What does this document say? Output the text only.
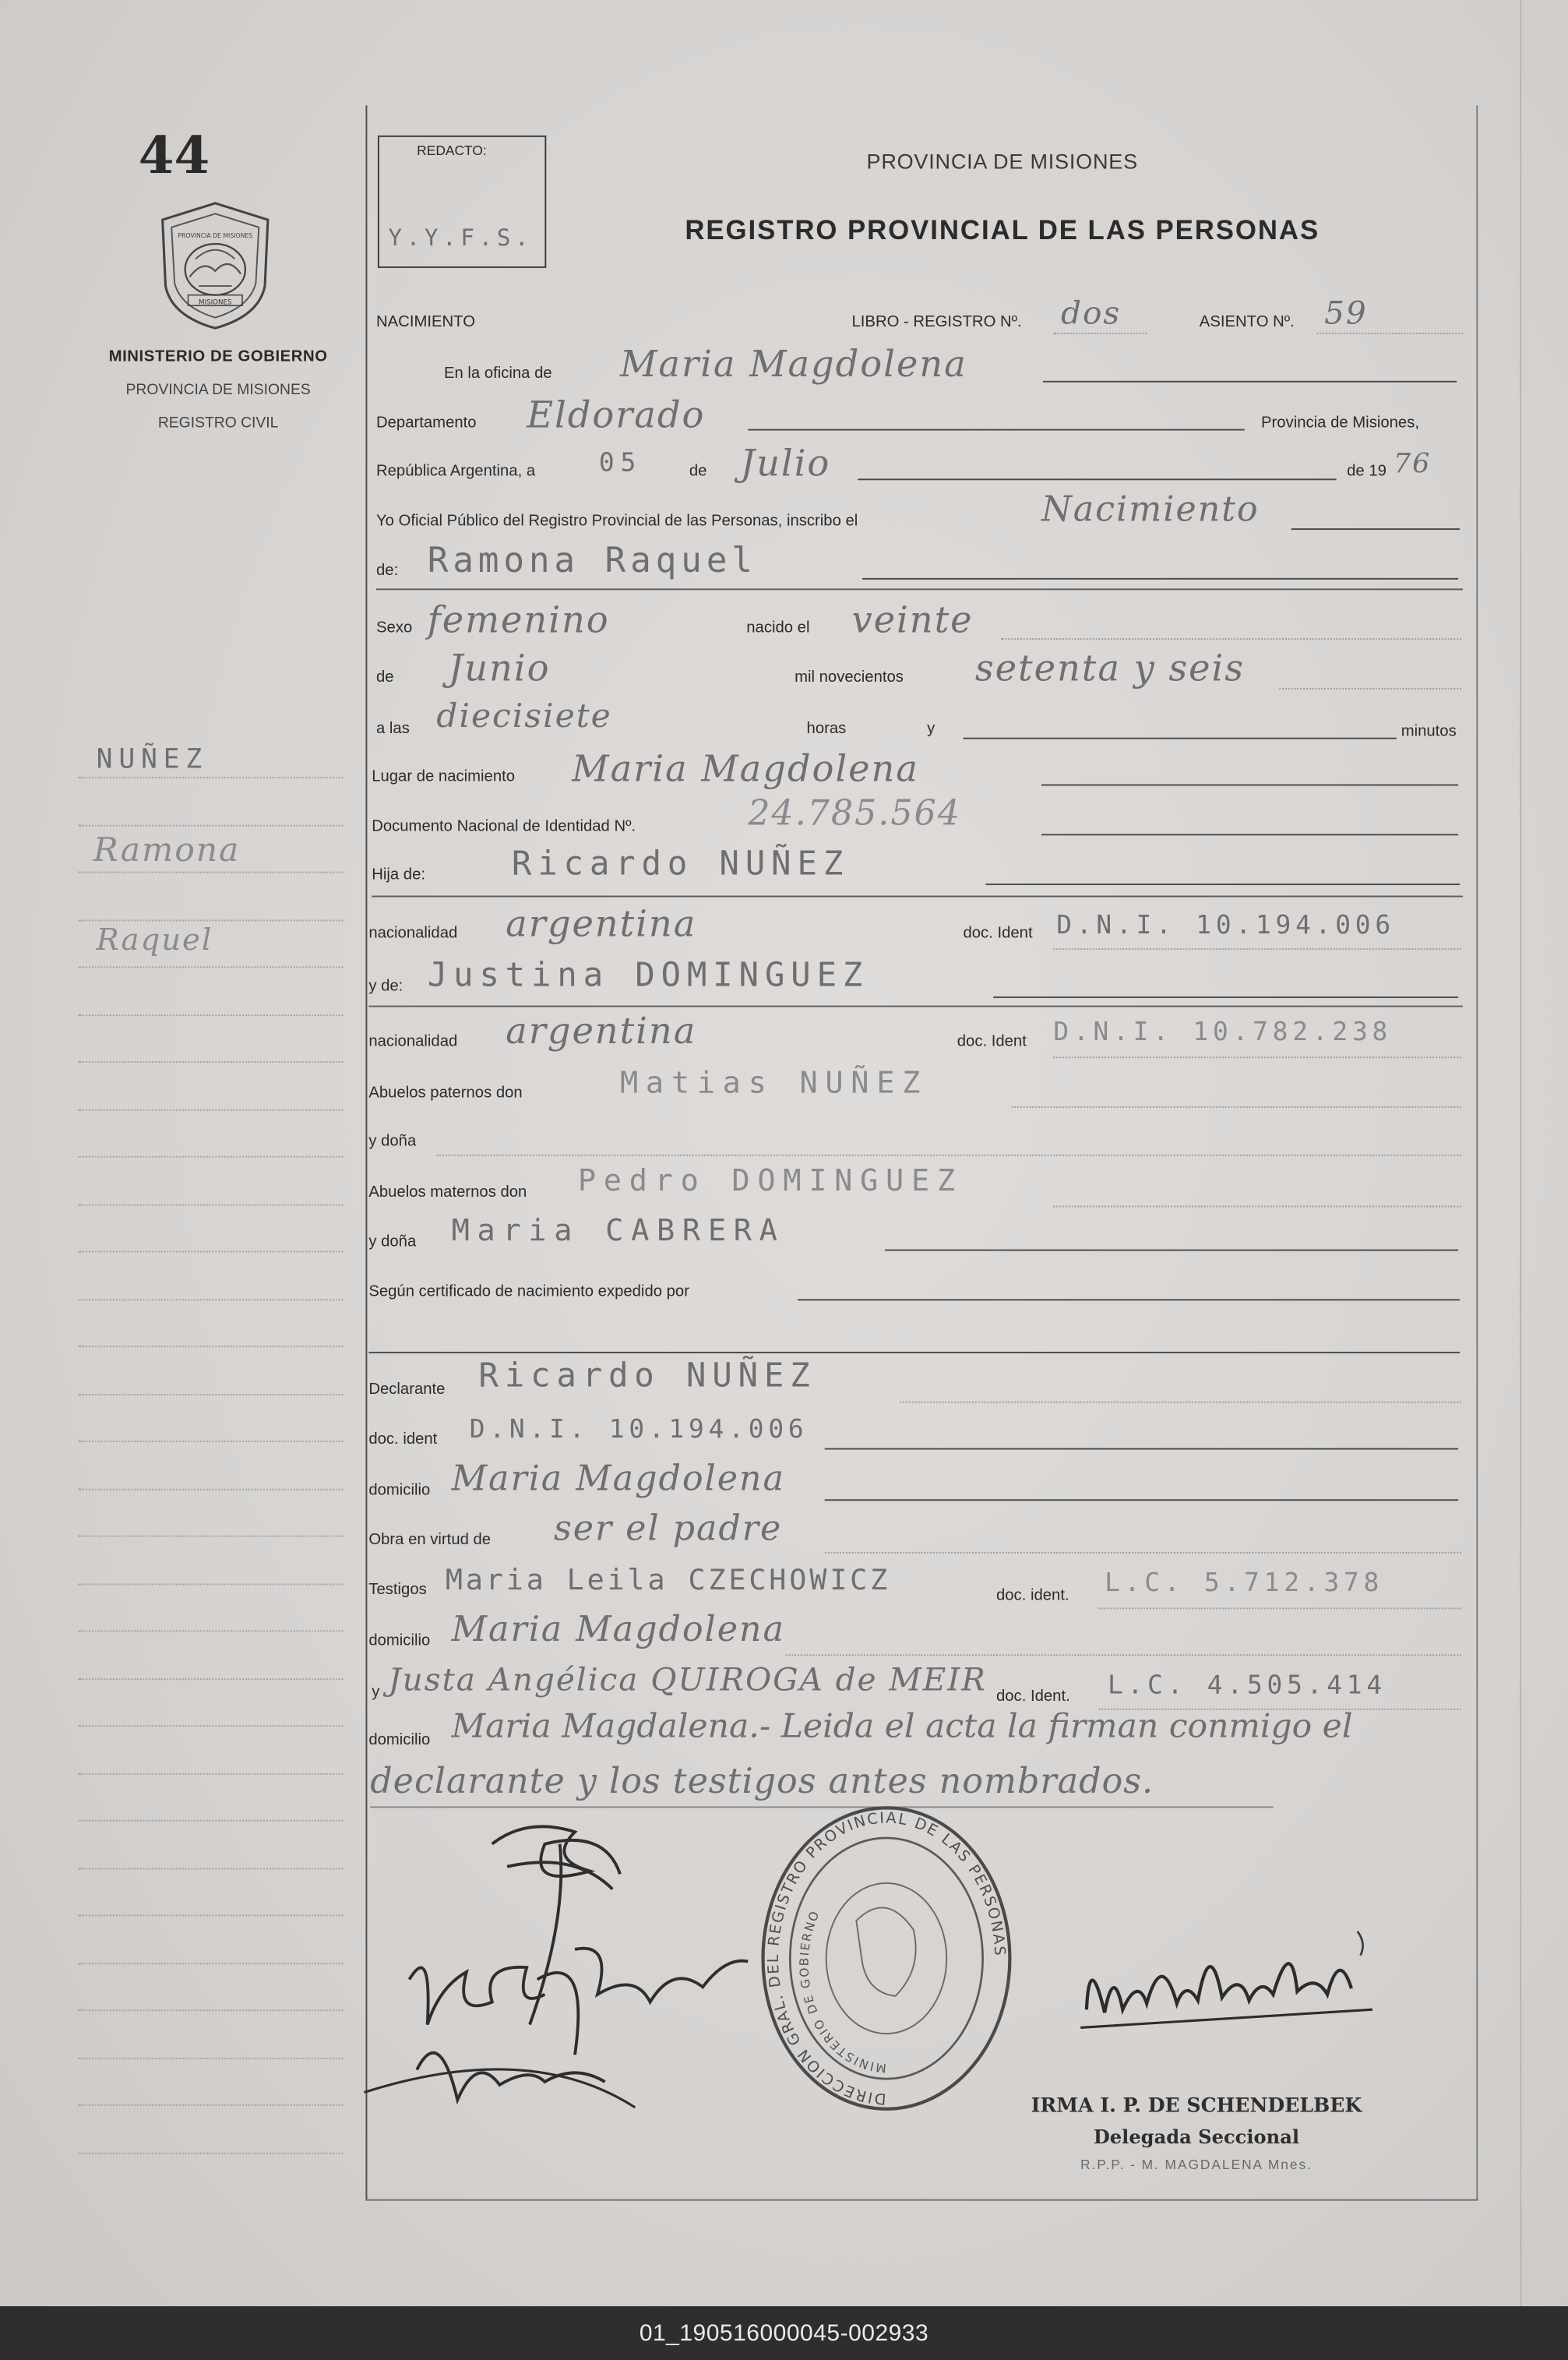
44
PROVINCIA DE MISIONES
MISIONES
MINISTERIO DE GOBIERNO
PROVINCIA DE MISIONES
REGISTRO CIVIL
NUÑEZ
Ramona
Raquel
REDACTO:
Y.Y.F.S.
PROVINCIA DE MISIONES
REGISTRO PROVINCIAL DE LAS PERSONAS
NACIMIENTO	LIBRO - REGISTRO Nº. dos	ASIENTO Nº. 59
En la oficina de	Maria Magdolena
Departamento	Eldorado	Provincia de Misiones,
República Argentina, a	05	de Julio	de 19 76
Yo Oficial Público del Registro Provincial de las Personas, inscribo el	Nacimiento
de: Ramona Raquel
Sexo femenino	nacido el veinte
de	Junio	mil novecientos	setenta y seis
a las diecisiete	horas	y	minutos
Lugar de nacimiento	Maria Magdolena
Documento Nacional de Identidad Nº.	24.785.564
Hija de:	Ricardo NUÑEZ
nacionalidad	argentina	doc. Ident D.N.I. 10.194.006
y de: Justina DOMINGUEZ
nacionalidad	argentina	doc. Ident D.N.I. 10.782.238
Abuelos paternos don	Matias NUÑEZ
y doña
Abuelos maternos don	Pedro DOMINGUEZ
y doña Maria CABRERA
Según certificado de nacimiento expedido por
Declarante Ricardo NUÑEZ
doc. ident D.N.I. 10.194.006
domicilio Maria Magdolena
Obra en virtud de	ser el padre
Testigos Maria Leila CZECHOWICZ	doc. ident.	L.C. 5.712.378
domicilio Maria Magdolena
y Justa Angélica QUIROGA de MEIR doc. Ident.	L.C. 4.505.414
domicilio Maria Magdalena.- Leida el acta la firman conmigo el
declarante y los testigos antes nombrados.
DIRECCION GRAL. DEL REGISTRO PROVINCIAL DE LAS PERSONAS
MINISTERIO DE GOBIERNO
IRMA I. P. DE SCHENDELBEK
Delegada Seccional
R.P.P. - M. MAGDALENA Mnes.
01_190516000045-002933
